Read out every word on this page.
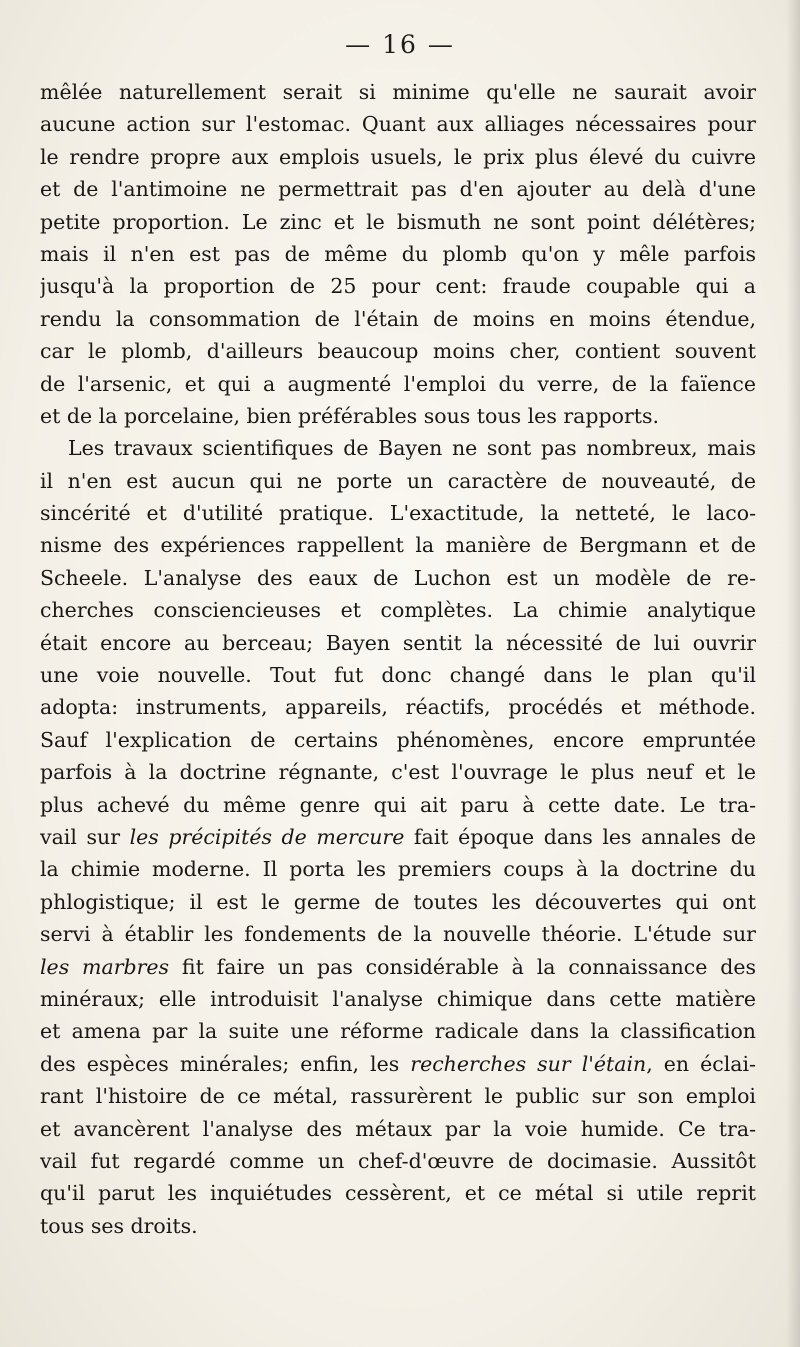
— 16 —
mêlée naturellement serait si minime qu'elle ne saurait avoir
aucune action sur l'estomac. Quant aux alliages nécessaires pour
le rendre propre aux emplois usuels, le prix plus élevé du cuivre
et de l'antimoine ne permettrait pas d'en ajouter au delà d'une
petite proportion. Le zinc et le bismuth ne sont point délétères;
mais il n'en est pas de même du plomb qu'on y mêle parfois
jusqu'à la proportion de 25 pour cent: fraude coupable qui a
rendu la consommation de l'étain de moins en moins étendue,
car le plomb, d'ailleurs beaucoup moins cher, contient souvent
de l'arsenic, et qui a augmenté l'emploi du verre, de la faïence
et de la porcelaine, bien préférables sous tous les rapports.
Les travaux scientifiques de Bayen ne sont pas nombreux, mais
il n'en est aucun qui ne porte un caractère de nouveauté, de
sincérité et d'utilité pratique. L'exactitude, la netteté, le laco-
nisme des expériences rappellent la manière de Bergmann et de
Scheele. L'analyse des eaux de Luchon est un modèle de re-
cherches consciencieuses et complètes. La chimie analytique
était encore au berceau; Bayen sentit la nécessité de lui ouvrir
une voie nouvelle. Tout fut donc changé dans le plan qu'il
adopta: instruments, appareils, réactifs, procédés et méthode.
Sauf l'explication de certains phénomènes, encore empruntée
parfois à la doctrine régnante, c'est l'ouvrage le plus neuf et le
plus achevé du même genre qui ait paru à cette date. Le tra-
vail sur les précipités de mercure fait époque dans les annales de
la chimie moderne. Il porta les premiers coups à la doctrine du
phlogistique; il est le germe de toutes les découvertes qui ont
servi à établir les fondements de la nouvelle théorie. L'étude sur
les marbres fit faire un pas considérable à la connaissance des
minéraux; elle introduisit l'analyse chimique dans cette matière
et amena par la suite une réforme radicale dans la classification
des espèces minérales; enfin, les recherches sur l'étain, en éclai-
rant l'histoire de ce métal, rassurèrent le public sur son emploi
et avancèrent l'analyse des métaux par la voie humide. Ce tra-
vail fut regardé comme un chef-d'œuvre de docimasie. Aussitôt
qu'il parut les inquiétudes cessèrent, et ce métal si utile reprit
tous ses droits.
